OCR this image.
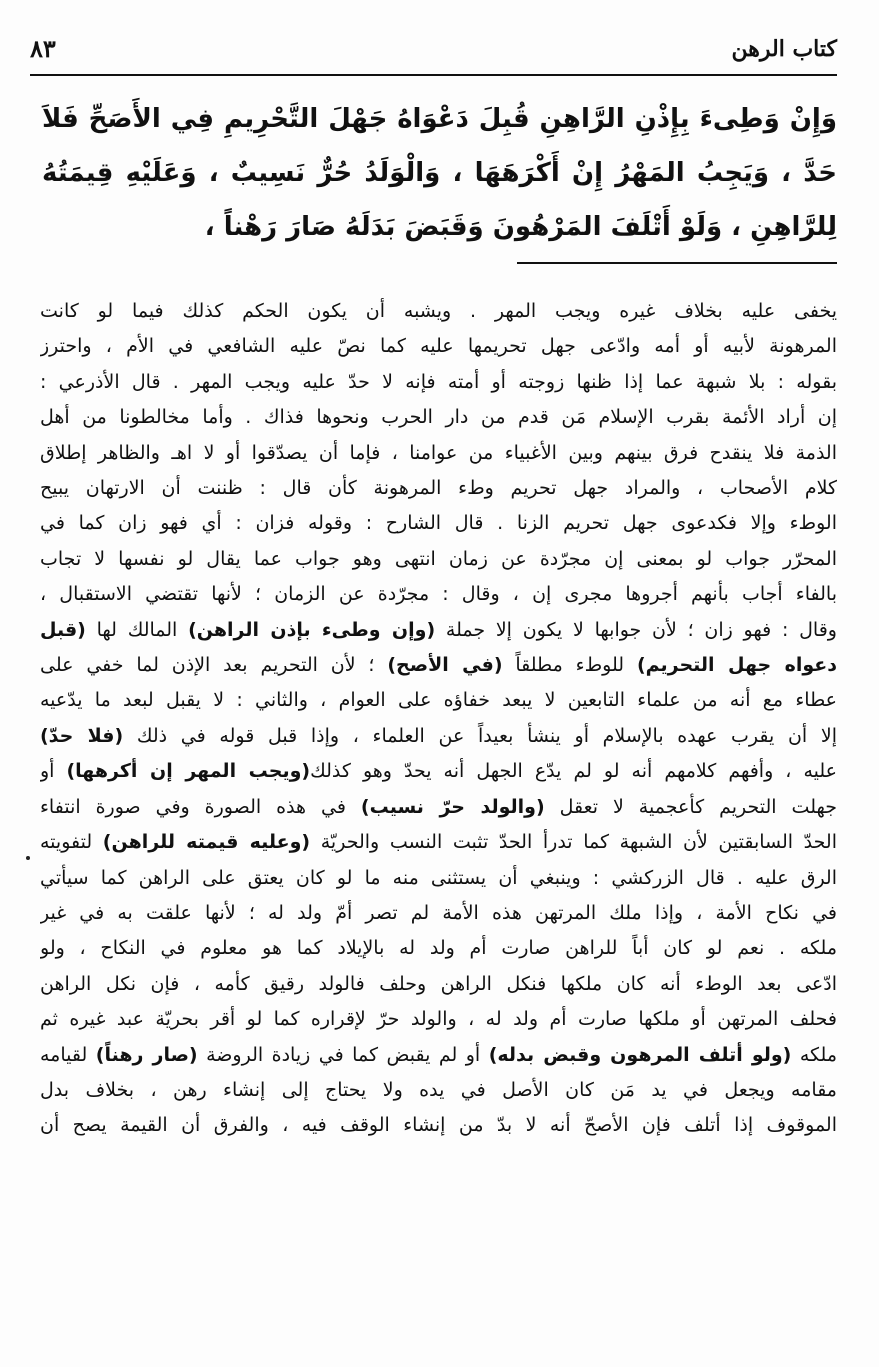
كتاب الرهن
٨٣

وَإِنْ وَطِىءَ بِإِذْنِ الرَّاهِنِ قُبِلَ دَعْوَاهُ جَهْلَ التَّحْرِيمِ فِي الأَصَحِّ فَلاَ حَدَّ ، وَيَجِبُ المَهْرُ إِنْ أَكْرَهَهَا ، وَالْوَلَدُ حُرٌّ نَسِيبٌ ، وَعَلَيْهِ قِيمَتُهُ لِلرَّاهِنِ ، وَلَوْ أَتْلَفَ المَرْهُونَ وَقَبَضَ بَدَلَهُ صَارَ رَهْناً ،

يخفى عليه بخلاف غيره ويجب المهر . ويشبه أن يكون الحكم كذلك فيما لو كانت
المرهونة لأبيه أو أمه وادّعى جهل تحريمها عليه كما نصّ عليه الشافعي في الأم ، واحترز
بقوله : بلا شبهة عما إذا ظنها زوجته أو أمته فإنه لا حدّ عليه ويجب المهر . قال الأذرعي :
إن أراد الأئمة بقرب الإسلام مَن قدم من دار الحرب ونحوها فذاك . وأما مخالطونا من أهل
الذمة فلا ينقدح فرق بينهم وبين الأغبياء من عوامنا ، فإما أن يصدّقوا أو لا اهـ والظاهر إطلاق
كلام الأصحاب ، والمراد جهل تحريم وطء المرهونة كأن قال : ظننت أن الارتهان يبيح
الوطء وإلا فكدعوى جهل تحريم الزنا . قال الشارح : وقوله فزان : أي فهو زان كما في
المحرّر جواب لو بمعنى إن مجرّدة عن زمان انتهى وهو جواب عما يقال لو نفسها لا تجاب
بالفاء أجاب بأنهم أجروها مجرى إن ، وقال : مجرّدة عن الزمان ؛ لأنها تقتضي الاستقبال ،
وقال : فهو زان ؛ لأن جوابها لا يكون إلا جملة (وإن وطىء بإذن الراهن) المالك لها (قبل
دعواه جهل التحريم) للوطء مطلقاً (في الأصح) ؛ لأن التحريم بعد الإذن لما خفي على
عطاء مع أنه من علماء التابعين لا يبعد خفاؤه على العوام ، والثاني : لا يقبل لبعد ما يدّعيه
إلا أن يقرب عهده بالإسلام أو ينشأ بعيداً عن العلماء ، وإذا قبل قوله في ذلك (فلا حدّ)
عليه ، وأفهم كلامهم أنه لو لم يدّع الجهل أنه يحدّ وهو كذلك(ويجب المهر إن أكرهها) أو
جهلت التحريم كأعجمية لا تعقل (والولد حرّ نسيب) في هذه الصورة وفي صورة انتفاء
الحدّ السابقتين لأن الشبهة كما تدرأ الحدّ تثبت النسب والحريّة (وعليه قيمته للراهن) لتفويته
الرق عليه . قال الزركشي : وينبغي أن يستثنى منه ما لو كان يعتق على الراهن كما سيأتي
في نكاح الأمة ، وإذا ملك المرتهن هذه الأمة لم تصر أمّ ولد له ؛ لأنها علقت به في غير
ملكه . نعم لو كان أباً للراهن صارت أم ولد له بالإيلاد كما هو معلوم في النكاح ، ولو
ادّعى بعد الوطء أنه كان ملكها فنكل الراهن وحلف فالولد رقيق كأمه ، فإن نكل الراهن
فحلف المرتهن أو ملكها صارت أم ولد له ، والولد حرّ لإقراره كما لو أقر بحريّة عبد غيره ثم
ملكه (ولو أتلف المرهون وقبض بدله) أو لم يقبض كما في زيادة الروضة (صار رهناً) لقيامه
مقامه ويجعل في يد مَن كان الأصل في يده ولا يحتاج إلى إنشاء رهن ، بخلاف بدل
الموقوف إذا أتلف فإن الأصحّ أنه لا بدّ من إنشاء الوقف فيه ، والفرق أن القيمة يصح أن
